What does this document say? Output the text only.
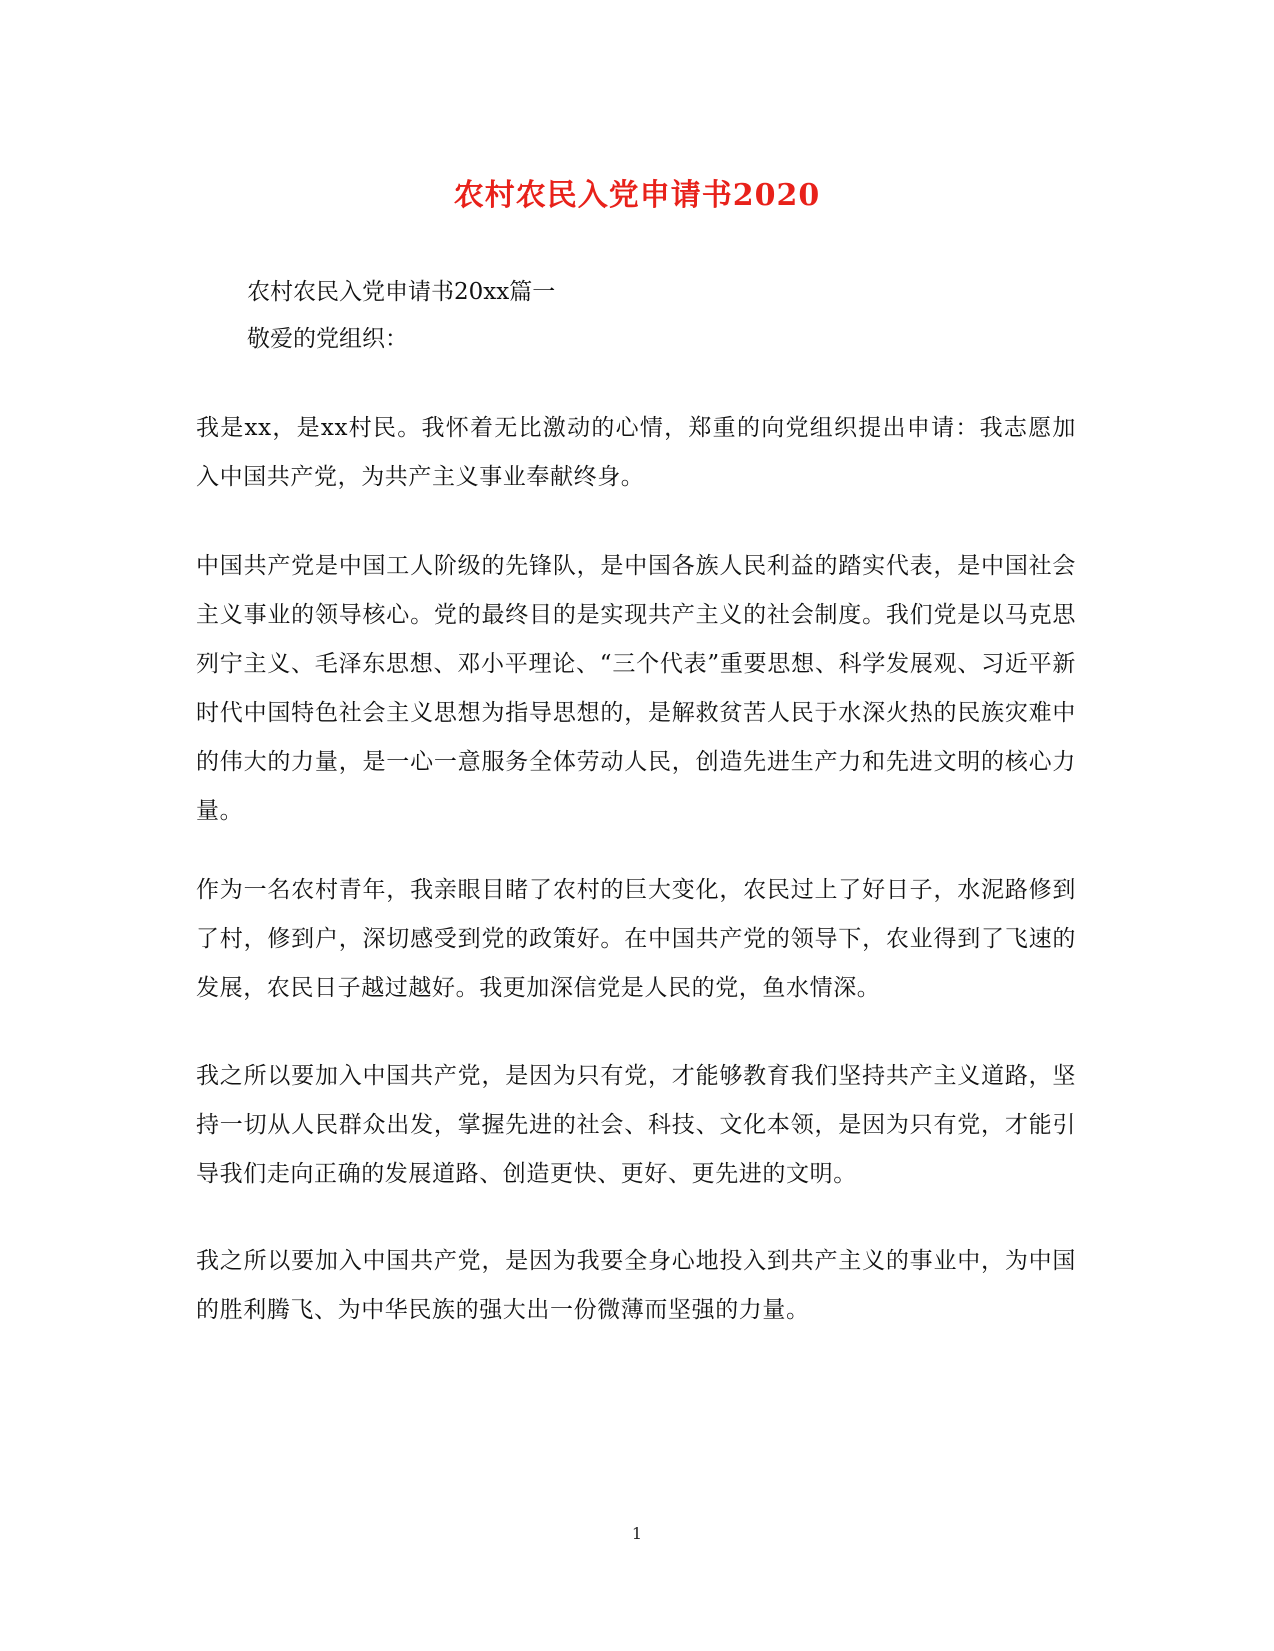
农村农民入党申请书2020
农村农民入党申请书20xx篇一
敬爱的党组织：

我是xx，是xx村民。我怀着无比激动的心情，郑重的向党组织提出申请：我志愿加入中国共产党，为共产主义事业奉献终身。

中国共产党是中国工人阶级的先锋队，是中国各族人民利益的踏实代表，是中国社会主义事业的领导核心。党的最终目的是实现共产主义的社会制度。我们党是以马克思列宁主义、毛泽东思想、邓小平理论、“三个代表”重要思想、科学发展观、习近平新时代中国特色社会主义思想为指导思想的，是解救贫苦人民于水深火热的民族灾难中的伟大的力量，是一心一意服务全体劳动人民，创造先进生产力和先进文明的核心力量。

作为一名农村青年，我亲眼目睹了农村的巨大变化，农民过上了好日子，水泥路修到了村，修到户，深切感受到党的政策好。在中国共产党的领导下，农业得到了飞速的发展，农民日子越过越好。我更加深信党是人民的党，鱼水情深。

我之所以要加入中国共产党，是因为只有党，才能够教育我们坚持共产主义道路，坚持一切从人民群众出发，掌握先进的社会、科技、文化本领，是因为只有党，才能引导我们走向正确的发展道路、创造更快、更好、更先进的文明。

我之所以要加入中国共产党，是因为我要全身心地投入到共产主义的事业中，为中国的胜利腾飞、为中华民族的强大出一份微薄而坚强的力量。

1
